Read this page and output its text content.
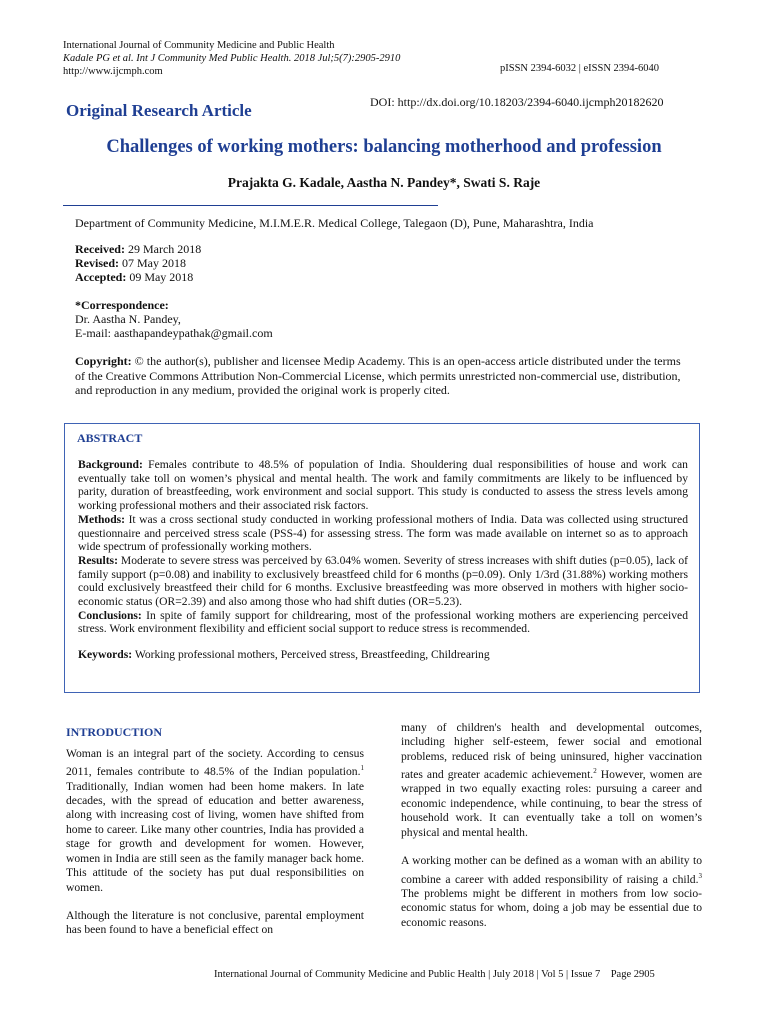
International Journal of Community Medicine and Public Health
Kadale PG et al. Int J Community Med Public Health. 2018 Jul;5(7):2905-2910
http://www.ijcmph.com	pISSN 2394-6032 | eISSN 2394-6040
Original Research Article	DOI: http://dx.doi.org/10.18203/2394-6040.ijcmph20182620
Challenges of working mothers: balancing motherhood and profession
Prajakta G. Kadale, Aastha N. Pandey*, Swati S. Raje
Department of Community Medicine, M.I.M.E.R. Medical College, Talegaon (D), Pune, Maharashtra, India
Received: 29 March 2018
Revised: 07 May 2018
Accepted: 09 May 2018
*Correspondence:
Dr. Aastha N. Pandey,
E-mail: aasthapandeypathak@gmail.com
Copyright: © the author(s), publisher and licensee Medip Academy. This is an open-access article distributed under the terms of the Creative Commons Attribution Non-Commercial License, which permits unrestricted non-commercial use, distribution, and reproduction in any medium, provided the original work is properly cited.
ABSTRACT

Background: Females contribute to 48.5% of population of India. Shouldering dual responsibilities of house and work can eventually take toll on women’s physical and mental health. The work and family commitments are likely to be influenced by parity, duration of breastfeeding, work environment and social support. This study is conducted to assess the stress levels among working professional mothers and their associated risk factors.

Methods: It was a cross sectional study conducted in working professional mothers of India. Data was collected using structured questionnaire and perceived stress scale (PSS-4) for assessing stress. The form was made available on internet so as to approach wide spectrum of professionally working mothers.

Results: Moderate to severe stress was perceived by 63.04% women. Severity of stress increases with shift duties (p=0.05), lack of family support (p=0.08) and inability to exclusively breastfeed child for 6 months (p=0.09). Only 1/3rd (31.88%) working mothers could exclusively breastfeed their child for 6 months. Exclusive breastfeeding was more observed in mothers with higher socio-economic status (OR=2.39) and also among those who had shift duties (OR=5.23).

Conclusions: In spite of family support for childrearing, most of the professional working mothers are experiencing perceived stress. Work environment flexibility and efficient social support to reduce stress is recommended.

Keywords: Working professional mothers, Perceived stress, Breastfeeding, Childrearing

INTRODUCTION

Woman is an integral part of the society. According to census 2011, females contribute to 48.5% of the Indian population.$^1$ Traditionally, Indian women had been home makers. In late decades, with the spread of education and better awareness, along with increasing cost of living, women have shifted from home to career. Like many other countries, India has provided a stage for growth and development for women. However, women in India are still seen as the family manager back home. This attitude of the society has put dual responsibilities on women.

Although the literature is not conclusive, parental employment has been found to have a beneficial effect on

many of children's health and developmental outcomes, including higher self-esteem, fewer social and emotional problems, reduced risk of being uninsured, higher vaccination rates and greater academic achievement.$^2$ However, women are wrapped in two equally exacting roles: pursuing a career and economic independence, while continuing, to bear the stress of household work. It can eventually take a toll on women’s physical and mental health.

A working mother can be defined as a woman with an ability to combine a career with added responsibility of raising a child.$^3$ The problems might be different in mothers from low socio-economic status for whom, doing a job may be essential due to economic reasons.

International Journal of Community Medicine and Public Health | July 2018 | Vol 5 | Issue 7    Page 2905
